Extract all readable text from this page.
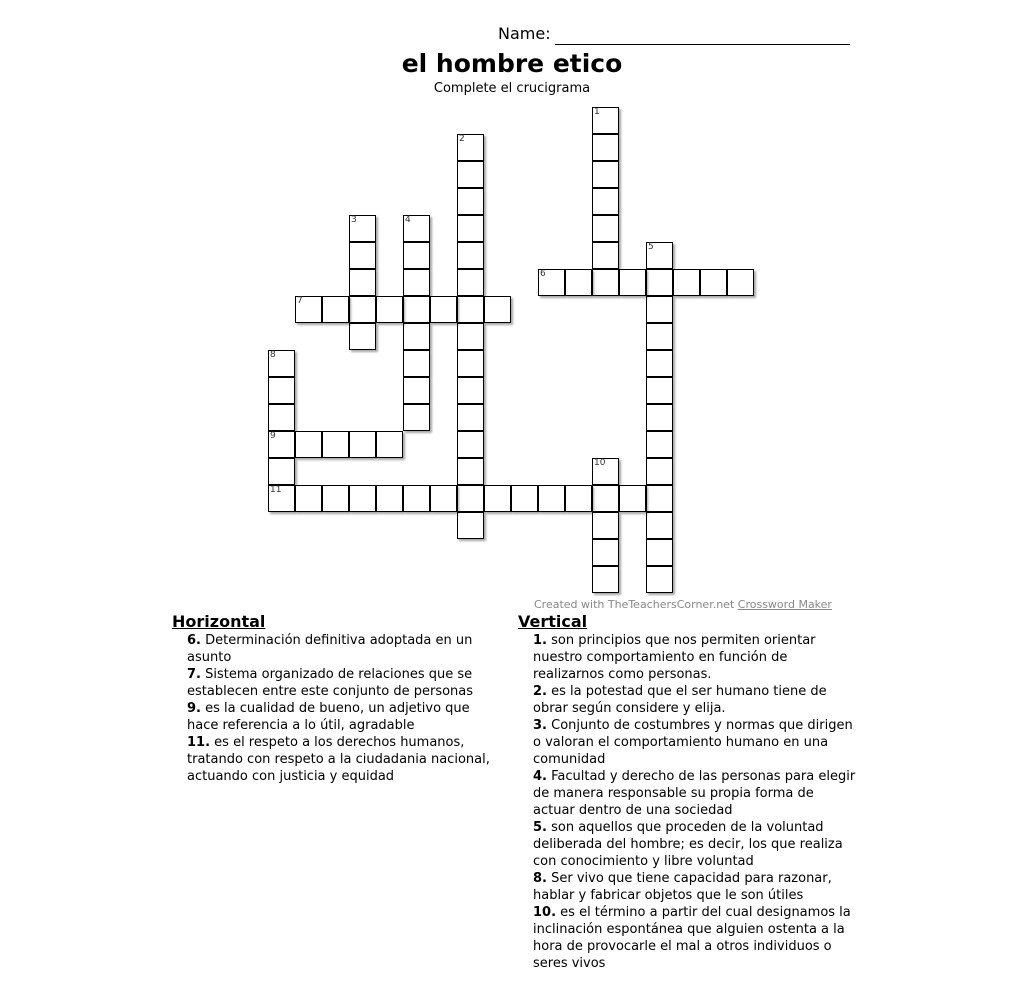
Name:
el hombre etico
Complete el crucigrama
1
2
3	4
5
8
9
11
10
6
7
Created with TheTeachersCorner.net Crossword Maker
Horizontal
6. Determinación definitiva adoptada en un asunto
7. Sistema organizado de relaciones que se establecen entre este conjunto de personas
9. es la cualidad de bueno, un adjetivo que hace referencia a lo útil, agradable
11. es el respeto a los derechos humanos, tratando con respeto a la ciudadania nacional, actuando con justicia y equidad
Vertical
1. son principios que nos permiten orientar nuestro comportamiento en función de realizarnos como personas.
2. es la potestad que el ser humano tiene de obrar según considere y elija.
3. Conjunto de costumbres y normas que dirigen o valoran el comportamiento humano en una comunidad
4. Facultad y derecho de las personas para elegir de manera responsable su propia forma de actuar dentro de una sociedad
5. son aquellos que proceden de la voluntad deliberada del hombre; es decir, los que realiza con conocimiento y libre voluntad
8. Ser vivo que tiene capacidad para razonar, hablar y fabricar objetos que le son útiles
10. es el término a partir del cual designamos la inclinación espontánea que alguien ostenta a la hora de provocarle el mal a otros individuos o seres vivos
